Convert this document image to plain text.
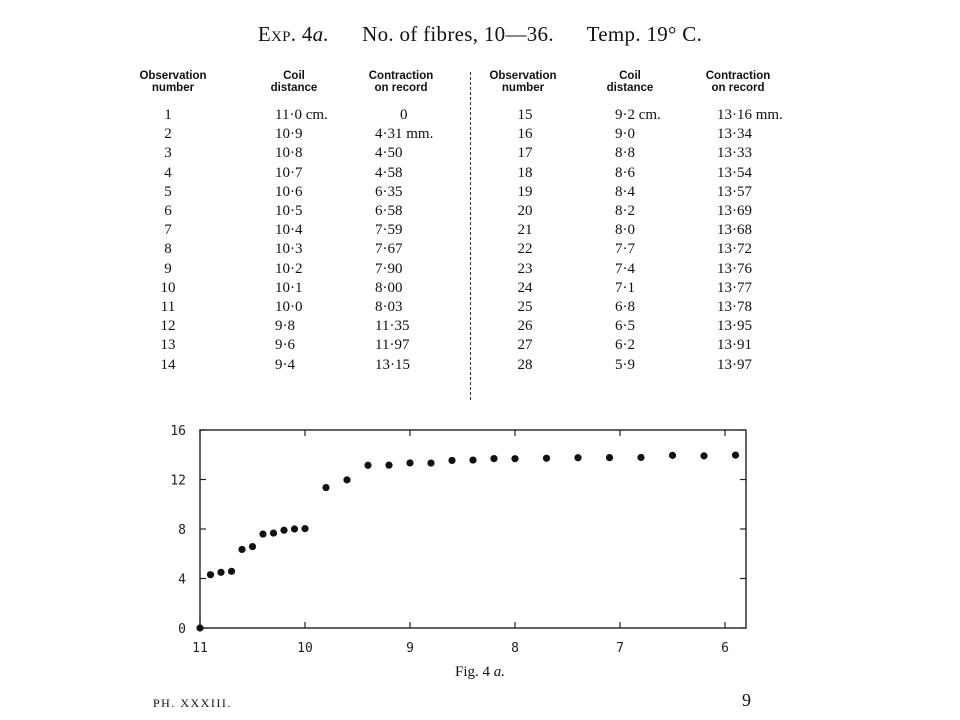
Exp. 4a. No. of fibres, 10—36. Temp. 19° C.
Observation number
Coil distance
Contraction on record
Observation number
Coil distance
Contraction on record
1	11·0 cm.	0
2	10·9	4·31 mm.
3	10·8	4·50
4	10·7	4·58
5	10·6	6·35
6	10·5	6·58
7	10·4	7·59
8	10·3	7·67
9	10·2	7·90
10	10·1	8·00
11	10·0	8·03
12	9·8	11·35
13	9·6	11·97
14	9·4	13·15
15	9·2 cm.	13·16 mm.
16	9·0	13·34
17	8·8	13·33
18	8·6	13·54
19	8·4	13·57
20	8·2	13·69
21	8·0	13·68
22	7·7	13·72
23	7·4	13·76
24	7·1	13·77
25	6·8	13·78
26	6·5	13·95
27	6·2	13·91
28	5·9	13·97
0
4
8
12
16
11	10	9	8	7	6
Fig. 4 a.
PH. XXXIII.	9
